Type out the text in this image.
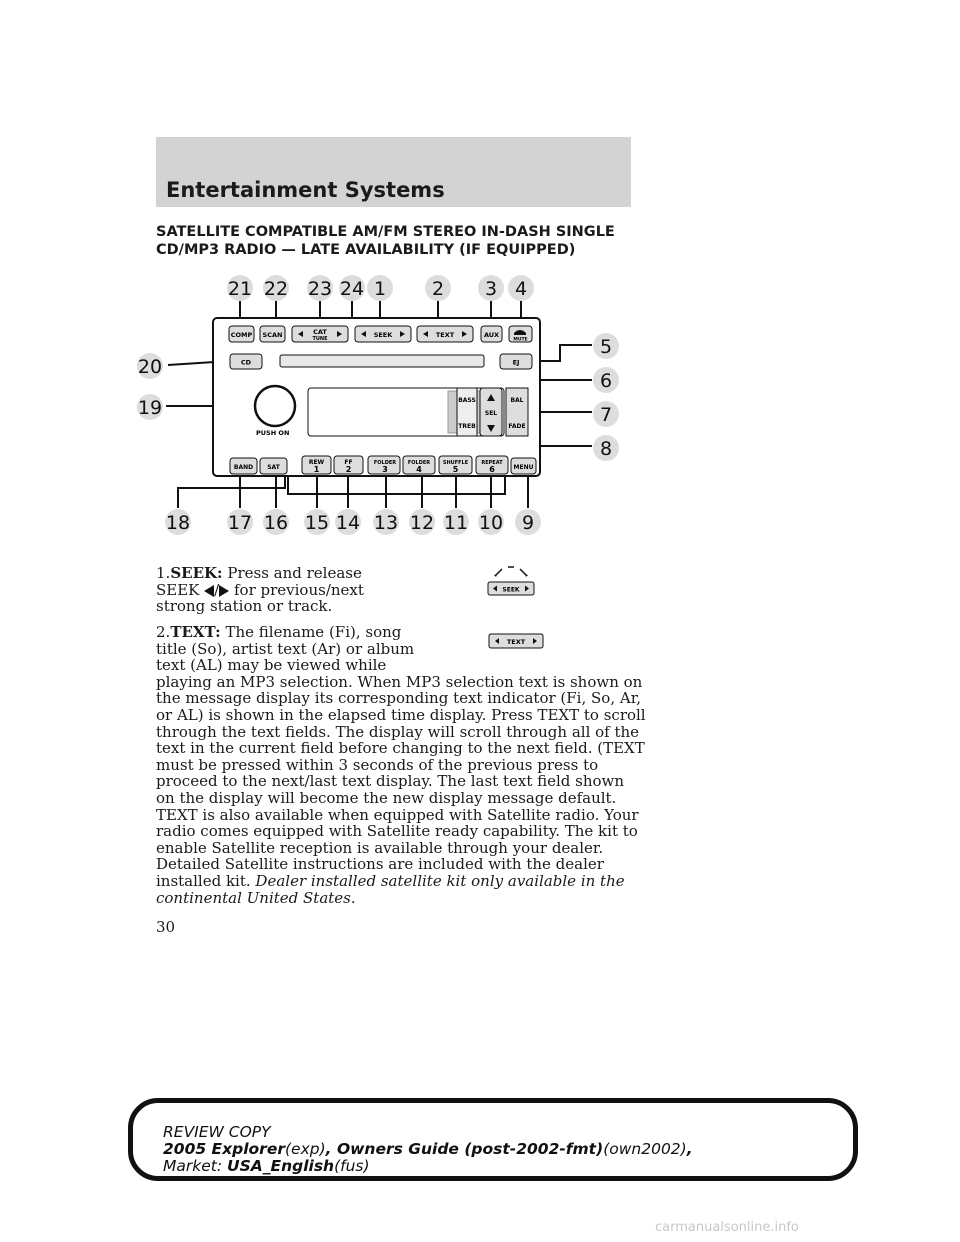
Entertainment Systems
SATELLITE COMPATIBLE AM/FM STEREO IN-DASH SINGLE
CD/MP3 RADIO — LATE AVAILABILITY (IF EQUIPPED)
COMP SCAN	CAT
TUNE	SEEK	TEXT	AUX
MUTE
CD	EJ
PUSH ON
BASS
TREB
SEL
BAL
FADE
BAND SAT
REW
1
FF
2
FOLDER
3
FOLDER
4
SHUFFLE
5
REPEAT
6	MENU
21 22 23 24 1 2 3 4
5
6
7
8
20
19
18 17 16 15 14 13 12 11 10 9

1.SEEK: Press and release
SEEK / for previous/next
strong station or track.

SEEK
TEXT
2.TEXT: The filename (Fi), song
title (So), artist text (Ar) or album
text (AL) may be viewed while
playing an MP3 selection. When MP3 selection text is shown on the message display its corresponding text indicator (Fi, So, Ar, or AL) is shown in the elapsed time display. Press TEXT to scroll through the text fields. The display will scroll through all of the text in the current field before changing to the next field. (TEXT must be pressed within 3 seconds of the previous press to proceed to the next/last text display. The last text field shown on the display will become the new display message default.
TEXT is also available when equipped with Satellite radio. Your radio comes equipped with Satellite ready capability. The kit to enable Satellite reception is available through your dealer. Detailed Satellite instructions are included with the dealer installed kit. Dealer installed satellite kit only available in the continental United States.

30

REVIEW COPY
2005 Explorer(exp), Owners Guide (post-2002-fmt)(own2002),
Market: USA_English(fus)

carmanualsonline.info
